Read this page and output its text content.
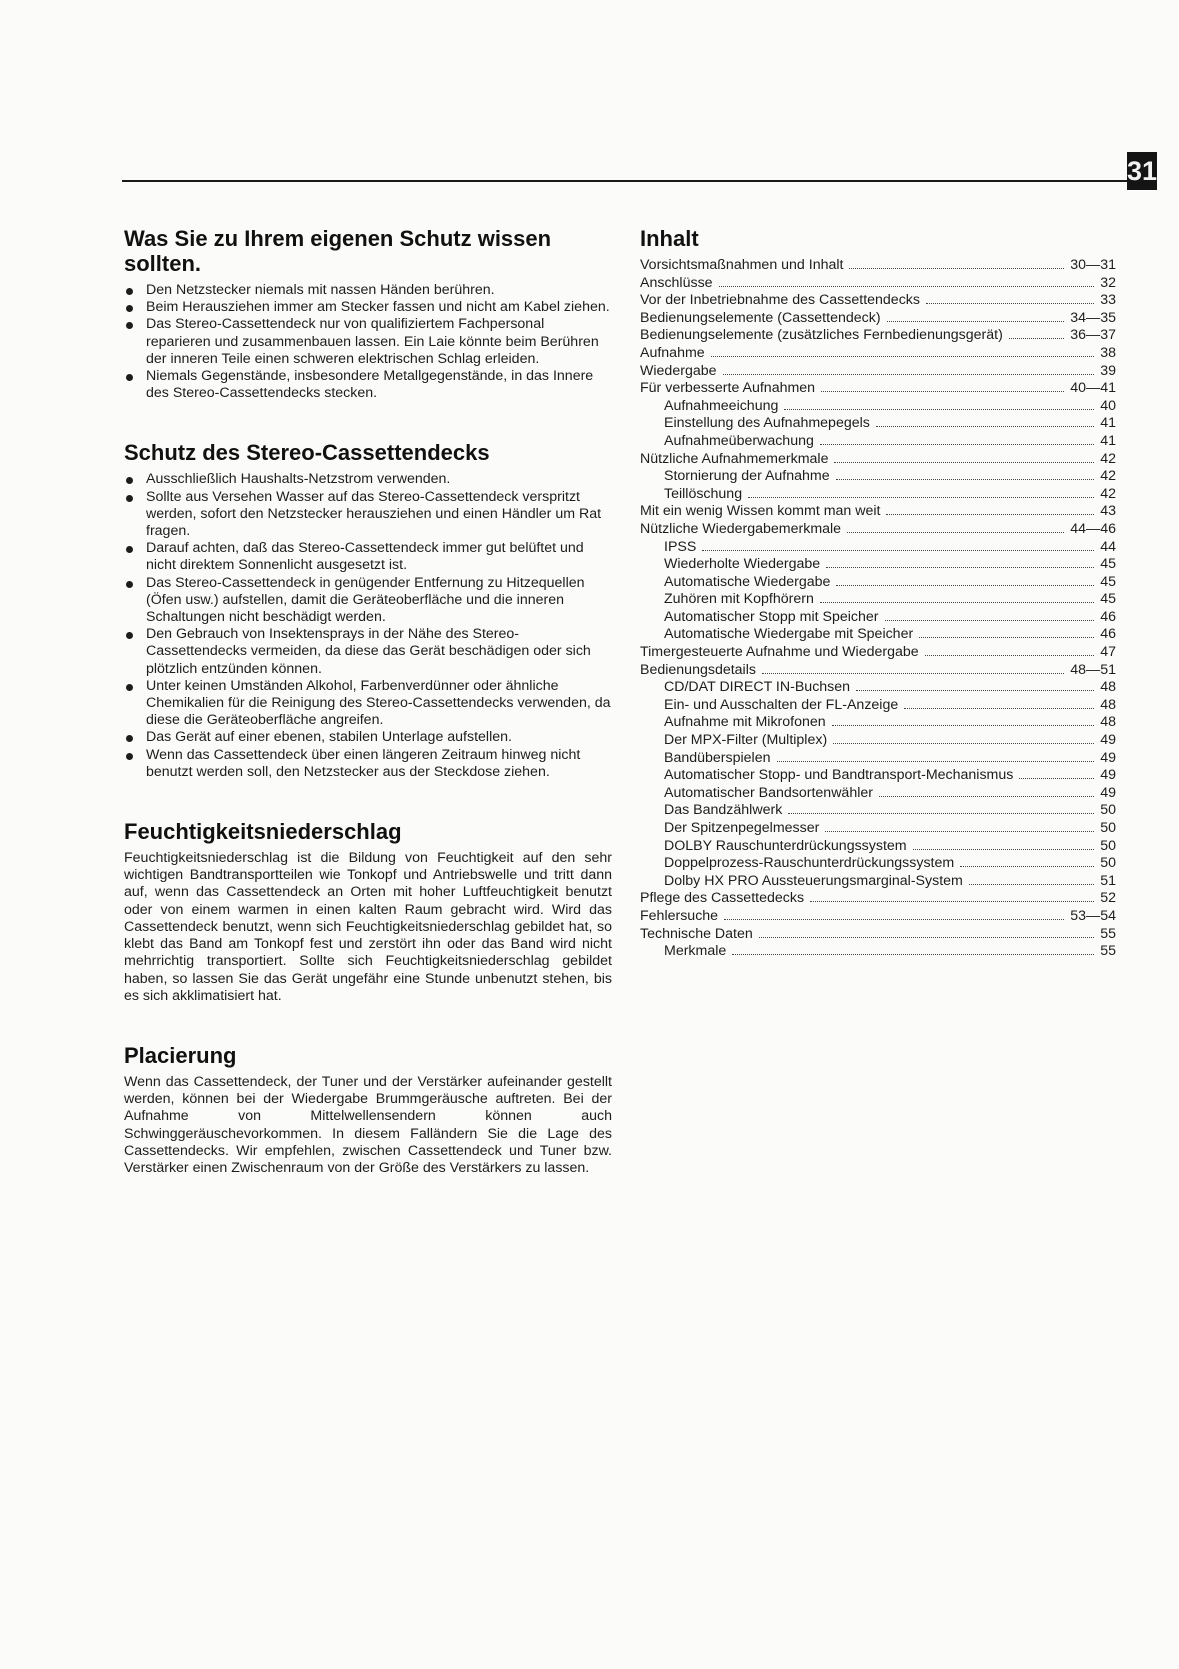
31
Was Sie zu Ihrem eigenen Schutz wissen sollten.
Den Netzstecker niemals mit nassen Händen berühren.
Beim Herausziehen immer am Stecker fassen und nicht am Kabel ziehen.
Das Stereo-Cassettendeck nur von qualifiziertem Fachpersonal reparieren und zusammenbauen lassen. Ein Laie könnte beim Berühren der inneren Teile einen schweren elektrischen Schlag erleiden.
Niemals Gegenstände, insbesondere Metallgegenstände, in das Innere des Stereo-Cassettendecks stecken.
Schutz des Stereo-Cassettendecks
Ausschließlich Haushalts-Netzstrom verwenden.
Sollte aus Versehen Wasser auf das Stereo-Cassettendeck verspritzt werden, sofort den Netzstecker herausziehen und einen Händler um Rat fragen.
Darauf achten, daß das Stereo-Cassettendeck immer gut belüftet und nicht direktem Sonnenlicht ausgesetzt ist.
Das Stereo-Cassettendeck in genügender Entfernung zu Hitzequellen (Öfen usw.) aufstellen, damit die Geräteoberfläche und die inneren Schaltungen nicht beschädigt werden.
Den Gebrauch von Insektensprays in der Nähe des Stereo-Cassettendecks vermeiden, da diese das Gerät beschädigen oder sich plötzlich entzünden können.
Unter keinen Umständen Alkohol, Farbenverdünner oder ähnliche Chemikalien für die Reinigung des Stereo-Cassettendecks verwenden, da diese die Geräteoberfläche angreifen.
Das Gerät auf einer ebenen, stabilen Unterlage aufstellen.
Wenn das Cassettendeck über einen längeren Zeitraum hinweg nicht benutzt werden soll, den Netzstecker aus der Steckdose ziehen.
Feuchtigkeitsniederschlag

Feuchtigkeitsniederschlag ist die Bildung von Feuchtigkeit auf den sehr wichtigen Bandtransportteilen wie Tonkopf und Antriebswelle und tritt dann auf, wenn das Cassettendeck an Orten mit hoher Luftfeuchtigkeit benutzt oder von einem warmen in einen kalten Raum gebracht wird. Wird das Cassettendeck benutzt, wenn sich Feuchtigkeitsniederschlag gebildet hat, so klebt das Band am Tonkopf fest und zerstört ihn oder das Band wird nicht mehrrichtig transportiert. Sollte sich Feuchtigkeitsniederschlag gebildet haben, so lassen Sie das Gerät ungefähr eine Stunde unbenutzt stehen, bis es sich akklimatisiert hat.

Placierung

Wenn das Cassettendeck, der Tuner und der Verstärker aufeinander gestellt werden, können bei der Wiedergabe Brummgeräusche auftreten. Bei der Aufnahme von Mittelwellensendern können auch Schwinggeräuschevorkommen. In diesem Falländern Sie die Lage des Cassettendecks. Wir empfehlen, zwischen Cassettendeck und Tuner bzw. Verstärker einen Zwischenraum von der Größe des Verstärkers zu lassen.

Inhalt
Vorsichtsmaßnahmen und Inhalt	30—31
Anschlüsse	32
Vor der Inbetriebnahme des Cassettendecks	33
Bedienungselemente (Cassettendeck)	34—35
Bedienungselemente (zusätzliches Fernbedienungsgerät)	36—37
Aufnahme	38
Wiedergabe	39
Für verbesserte Aufnahmen	40—41
Aufnahmeeichung	40
Einstellung des Aufnahmepegels	41
Aufnahmeüberwachung	41
Nützliche Aufnahmemerkmale	42
Stornierung der Aufnahme	42
Teillöschung	42
Mit ein wenig Wissen kommt man weit	43
Nützliche Wiedergabemerkmale	44—46
IPSS	44
Wiederholte Wiedergabe	45
Automatische Wiedergabe	45
Zuhören mit Kopfhörern	45
Automatischer Stopp mit Speicher	46
Automatische Wiedergabe mit Speicher	46
Timergesteuerte Aufnahme und Wiedergabe	47
Bedienungsdetails	48—51
CD/DAT DIRECT IN-Buchsen	48
Ein- und Ausschalten der FL-Anzeige	48
Aufnahme mit Mikrofonen	48
Der MPX-Filter (Multiplex)	49
Bandüberspielen	49
Automatischer Stopp- und Bandtransport-Mechanismus	49
Automatischer Bandsortenwähler	49
Das Bandzählwerk	50
Der Spitzenpegelmesser	50
DOLBY Rauschunterdrückungssystem	50
Doppelprozess-Rauschunterdrückungssystem	50
Dolby HX PRO Aussteuerungsmarginal-System	51
Pflege des Cassettedecks	52
Fehlersuche	53—54
Technische Daten	55
Merkmale	55
